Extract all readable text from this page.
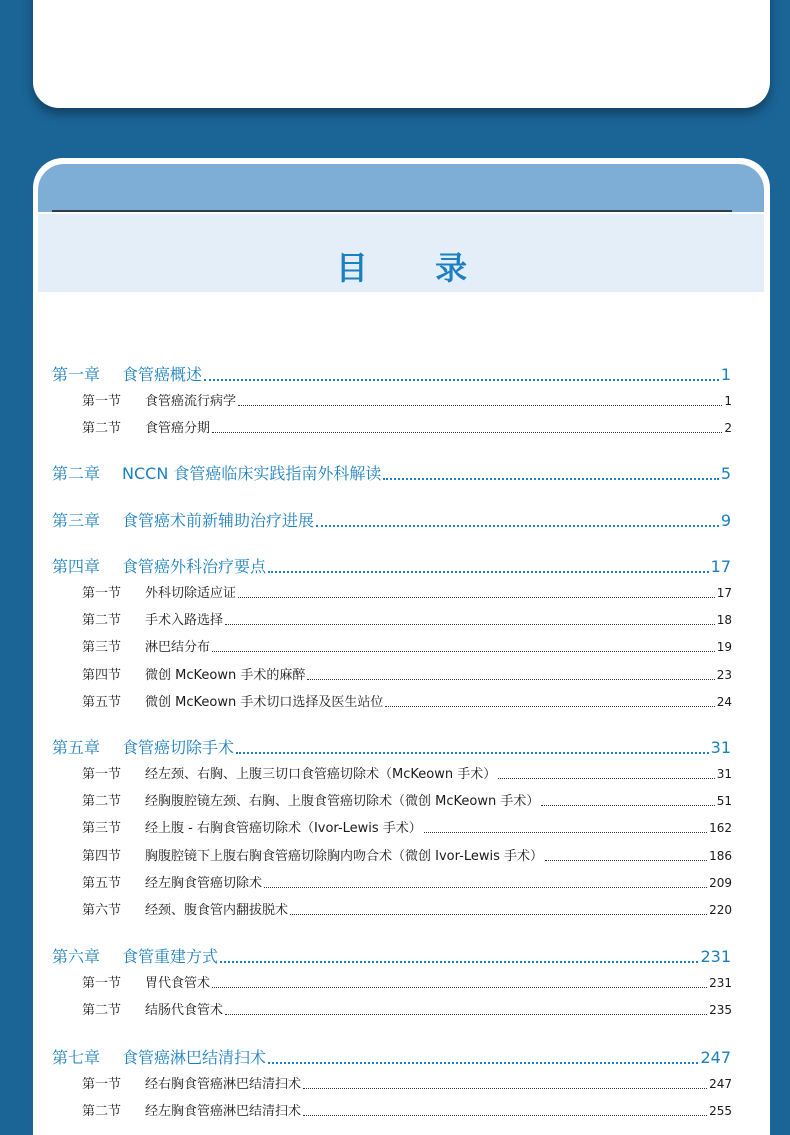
目 录
第一章	食管癌概述	1
第一节	食管癌流行病学	1
第二节	食管癌分期	2
第二章	NCCN 食管癌临床实践指南外科解读	5
第三章	食管癌术前新辅助治疗进展	9
第四章	食管癌外科治疗要点	17
第一节	外科切除适应证	17
第二节	手术入路选择	18
第三节	淋巴结分布	19
第四节	微创 McKeown 手术的麻醉	23
第五节	微创 McKeown 手术切口选择及医生站位	24
第五章	食管癌切除手术	31
第一节	经左颈、右胸、上腹三切口食管癌切除术（McKeown 手术）	31
第二节	经胸腹腔镜左颈、右胸、上腹食管癌切除术（微创 McKeown 手术）	51
第三节	经上腹 - 右胸食管癌切除术（Ivor-Lewis 手术）	162
第四节	胸腹腔镜下上腹右胸食管癌切除胸内吻合术（微创 Ivor-Lewis 手术）	186
第五节	经左胸食管癌切除术	209
第六节	经颈、腹食管内翻拔脱术	220
第六章	食管重建方式	231
第一节	胃代食管术	231
第二节	结肠代食管术	235
第七章	食管癌淋巴结清扫术	247
第一节	经右胸食管癌淋巴结清扫术	247
第二节	经左胸食管癌淋巴结清扫术	255
